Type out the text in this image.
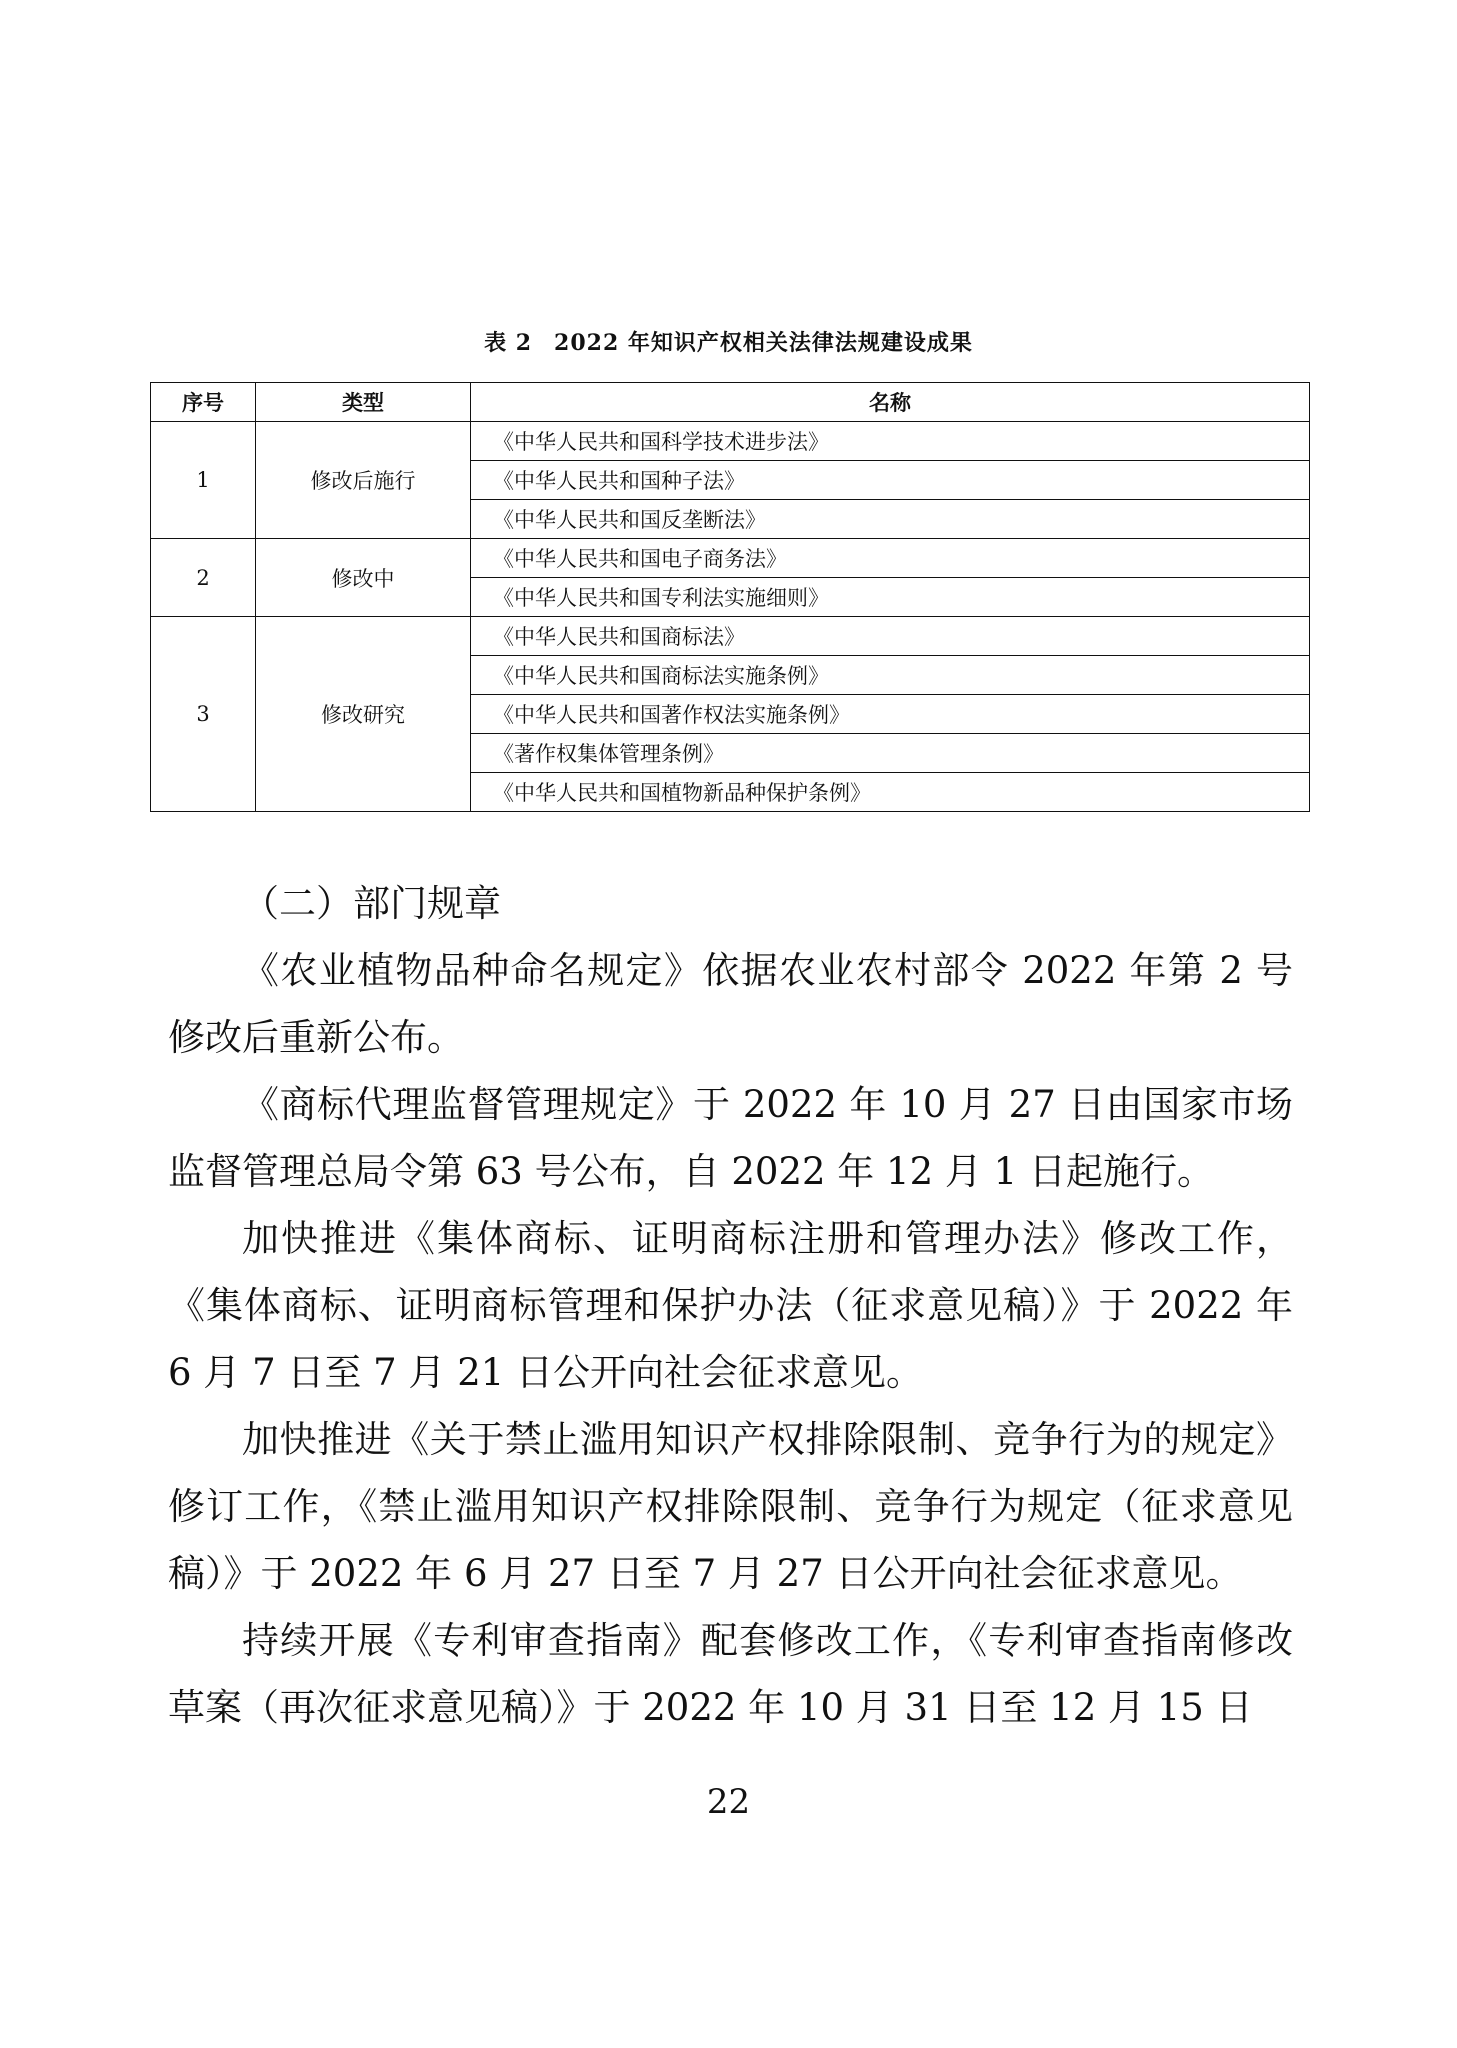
表 2 2022 年知识产权相关法律法规建设成果
序号	类型	名称
1	修改后施行	《中华人民共和国科学技术进步法》
		《中华人民共和国种子法》
		《中华人民共和国反垄断法》
2	修改中	《中华人民共和国电子商务法》
		《中华人民共和国专利法实施细则》
3	修改研究	《中华人民共和国商标法》
		《中华人民共和国商标法实施条例》
		《中华人民共和国著作权法实施条例》
		《著作权集体管理条例》
		《中华人民共和国植物新品种保护条例》

（二）部门规章

《农业植物品种命名规定》依据农业农村部令 2022 年第 2 号修改后重新公布。

《商标代理监督管理规定》于 2022 年 10 月 27 日由国家市场监督管理总局令第 63 号公布，自 2022 年 12 月 1 日起施行。

加快推进《集体商标、证明商标注册和管理办法》修改工作，《集体商标、证明商标管理和保护办法（征求意见稿）》于 2022 年 6 月 7 日至 7 月 21 日公开向社会征求意见。

加快推进《关于禁止滥用知识产权排除限制、竞争行为的规定》修订工作，《禁止滥用知识产权排除限制、竞争行为规定（征求意见稿）》于 2022 年 6 月 27 日至 7 月 27 日公开向社会征求意见。

持续开展《专利审查指南》配套修改工作，《专利审查指南修改草案（再次征求意见稿）》于 2022 年 10 月 31 日至 12 月 15 日

22
